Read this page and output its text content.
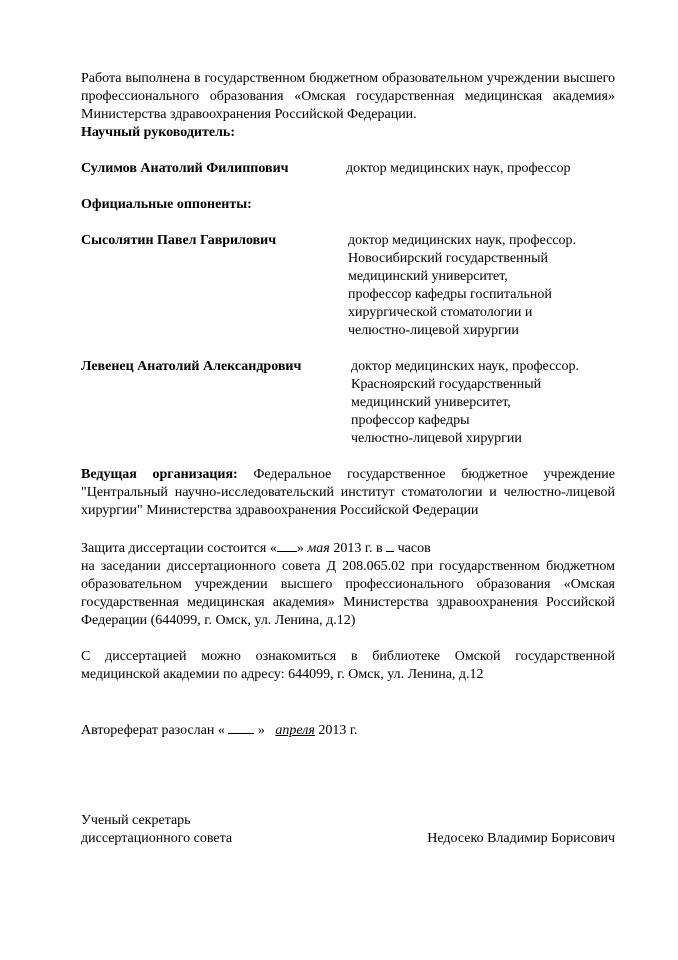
Работа выполнена в государственном бюджетном образовательном учреждении высшего профессионального образования «Омская государственная медицинская академия» Министерства здравоохранения Российской Федерации.

Научный руководитель:
Сулимов Анатолий Филиппович	доктор медицинских наук, профессор
Официальные оппоненты:
Сысолятин Павел Гаврилович	доктор медицинских наук, профессор.
Новосибирский государственный
медицинский университет,
профессор кафедры госпитальной
хирургической стоматологии и
челюстно-лицевой хирургии
Левенец Анатолий Александрович	доктор медицинских наук, профессор.
Красноярский государственный
медицинский университет,
профессор кафедры
челюстно-лицевой хирургии

Ведущая организация: Федеральное государственное бюджетное учреждение "Центральный научно-исследовательский институт стоматологии и челюстно-лицевой хирургии" Министерства здравоохранения Российской Федерации

Защита диссертации состоится « » мая 2013 г. в часов

на заседании диссертационного совета Д 208.065.02 при государственном бюджетном образовательном учреждении высшего профессионального образования «Омская государственная медицинская академия» Министерства здравоохранения Российской Федерации (644099, г. Омск, ул. Ленина, д.12)

С диссертацией можно ознакомиться в библиотеке Омской государственной медицинской академии по адресу: 644099, г. Омск, ул. Ленина, д.12

Автореферат разослан « » апреля 2013 г.
Ученый секретарь
диссертационного совета	Недосеко Владимир Борисович
